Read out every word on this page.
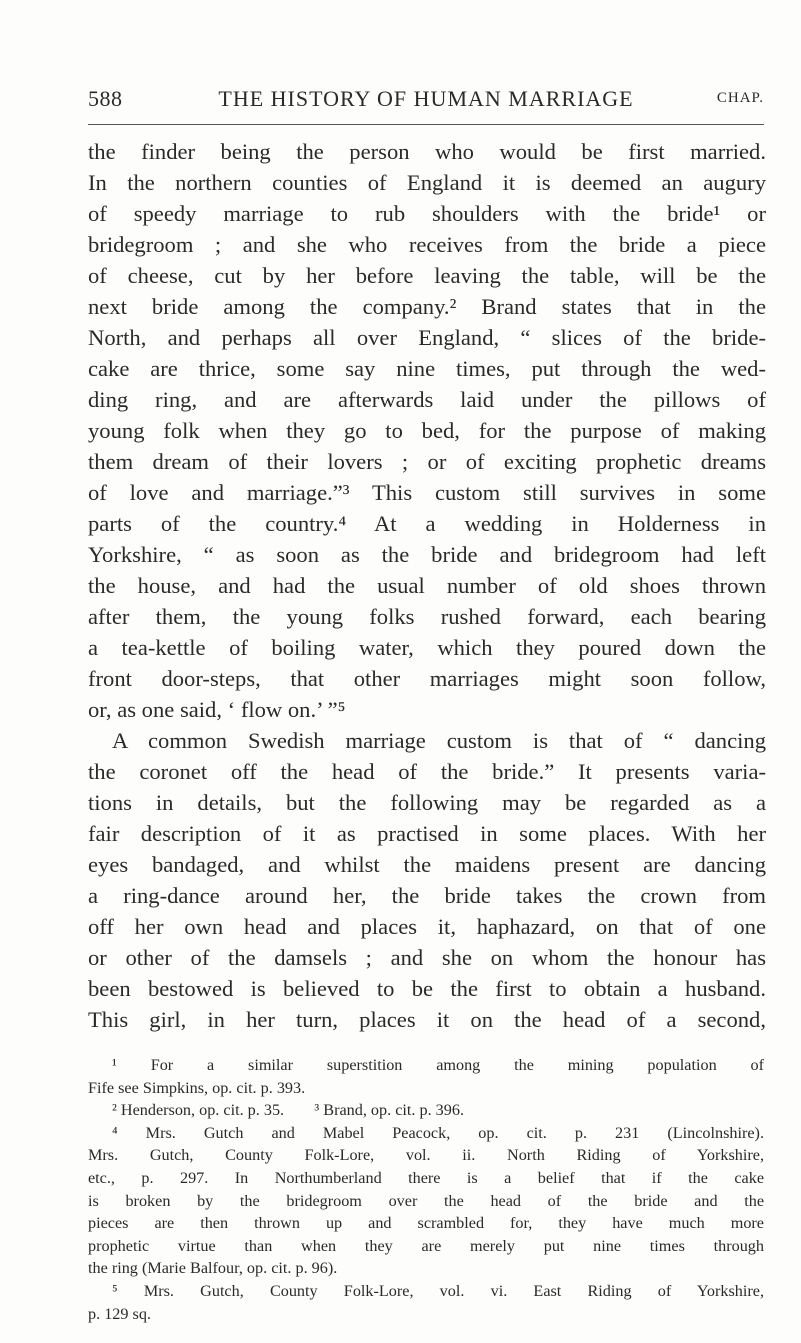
588	THE HISTORY OF HUMAN MARRIAGE	CHAP.
the finder being the person who would be first married.
In the northern counties of England it is deemed an augury
of speedy marriage to rub shoulders with the bride¹ or
bridegroom ; and she who receives from the bride a piece
of cheese, cut by her before leaving the table, will be the
next bride among the company.² Brand states that in the
North, and perhaps all over England, “ slices of the bride-
cake are thrice, some say nine times, put through the wed-
ding ring, and are afterwards laid under the pillows of
young folk when they go to bed, for the purpose of making
them dream of their lovers ; or of exciting prophetic dreams
of love and marriage.”³ This custom still survives in some
parts of the country.⁴ At a wedding in Holderness in
Yorkshire, “ as soon as the bride and bridegroom had left
the house, and had the usual number of old shoes thrown
after them, the young folks rushed forward, each bearing
a tea-kettle of boiling water, which they poured down the
front door-steps, that other marriages might soon follow,
or, as one said, ‘ flow on.’ ”⁵
A common Swedish marriage custom is that of “ dancing
the coronet off the head of the bride.” It presents varia-
tions in details, but the following may be regarded as a
fair description of it as practised in some places. With her
eyes bandaged, and whilst the maidens present are dancing
a ring-dance around her, the bride takes the crown from
off her own head and places it, haphazard, on that of one
or other of the damsels ; and she on whom the honour has
been bestowed is believed to be the first to obtain a husband.
This girl, in her turn, places it on the head of a second,
¹ For a similar superstition among the mining population of
Fife see Simpkins, op. cit. p. 393.
² Henderson, op. cit. p. 35. ³ Brand, op. cit. p. 396.
⁴ Mrs. Gutch and Mabel Peacock, op. cit. p. 231 (Lincolnshire).
Mrs. Gutch, County Folk-Lore, vol. ii. North Riding of Yorkshire,
etc., p. 297. In Northumberland there is a belief that if the cake
is broken by the bridegroom over the head of the bride and the
pieces are then thrown up and scrambled for, they have much more
prophetic virtue than when they are merely put nine times through
the ring (Marie Balfour, op. cit. p. 96).
⁵ Mrs. Gutch, County Folk-Lore, vol. vi. East Riding of Yorkshire,
p. 129 sq.
